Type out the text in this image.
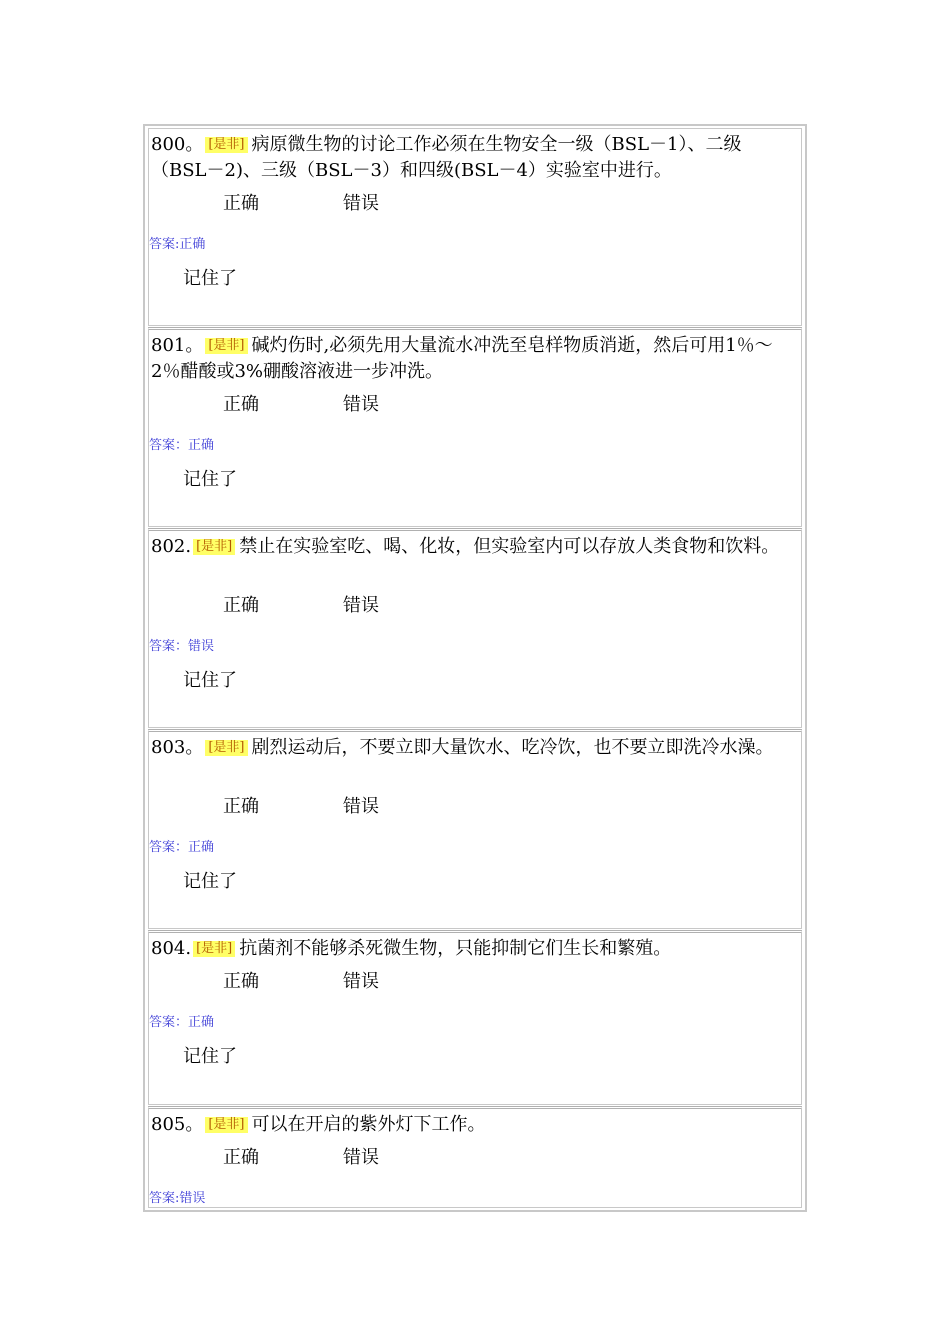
800。 [是非] 病原微生物的讨论工作必须在生物安全一级（BSL－1）、二级（BSL－2)、三级（BSL－3）和四级(BSL－4）实验室中进行。
正确	错误
答案:正确
记住了
801。 [是非] 碱灼伤时,必须先用大量流水冲洗至皂样物质消逝，然后可用1％～2％醋酸或3%硼酸溶液进一步冲洗。
正确	错误
答案：正确
记住了
802. [是非] 禁止在实验室吃、喝、化妆，但实验室内可以存放人类食物和饮料。
正确	错误
答案：错误
记住了
803。 [是非] 剧烈运动后，不要立即大量饮水、吃冷饮，也不要立即洗冷水澡。
正确	错误
答案：正确
记住了
804. [是非] 抗菌剂不能够杀死微生物，只能抑制它们生长和繁殖。
正确	错误
答案：正确
记住了
805。 [是非] 可以在开启的紫外灯下工作。
正确	错误
答案:错误
